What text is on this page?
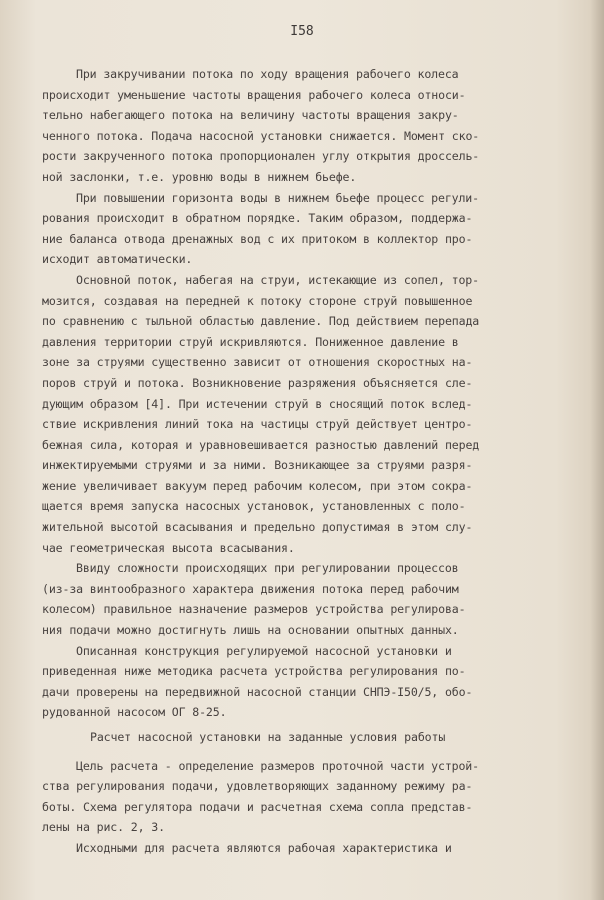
I58
При закручивании потока по ходу вращения рабочего колеса
происходит уменьшение частоты вращения рабочего колеса относи-
тельно набегающего потока на величину частоты вращения закру-
ченного потока. Подача насосной установки снижается. Момент ско-
рости закрученного потока пропорционален углу открытия дроссель-
ной заслонки, т.е. уровню воды в нижнем бьефе.
При повышении горизонта воды в нижнем бьефе процесс регули-
рования происходит в обратном порядке. Таким образом, поддержа-
ние баланса отвода дренажных вод с их притоком в коллектор про-
исходит автоматически.
Основной поток, набегая на струи, истекающие из сопел, тор-
мозится, создавая на передней к потоку стороне струй повышенное
по сравнению с тыльной областью давление. Под действием перепада
давления территории струй искривляются. Пониженное давление в
зоне за струями существенно зависит от отношения скоростных на-
поров струй и потока. Возникновение разряжения объясняется сле-
дующим образом [4]. При истечении струй в сносящий поток вслед-
ствие искривления линий тока на частицы струй действует центро-
бежная сила, которая и уравновешивается разностью давлений перед
инжектируемыми струями и за ними. Возникающее за струями разря-
жение увеличивает вакуум перед рабочим колесом, при этом сокра-
щается время запуска насосных установок, установленных с поло-
жительной высотой всасывания и предельно допустимая в этом слу-
чае геометрическая высота всасывания.
Ввиду сложности происходящих при регулировании процессов
(из-за винтообразного характера движения потока перед рабочим
колесом) правильное назначение размеров устройства регулирова-
ния подачи можно достигнуть лишь на основании опытных данных.
Описанная конструкция регулируемой насосной установки и
приведенная ниже методика расчета устройства регулирования по-
дачи проверены на передвижной насосной станции СНПЭ-I50/5, обо-
рудованной насосом ОГ 8-25.
Расчет насосной установки на заданные условия работы
Цель расчета - определение размеров проточной части устрой-
ства регулирования подачи, удовлетворяющих заданному режиму ра-
боты. Схема регулятора подачи и расчетная схема сопла представ-
лены на рис. 2, 3.
Исходными для расчета являются рабочая характеристика и
